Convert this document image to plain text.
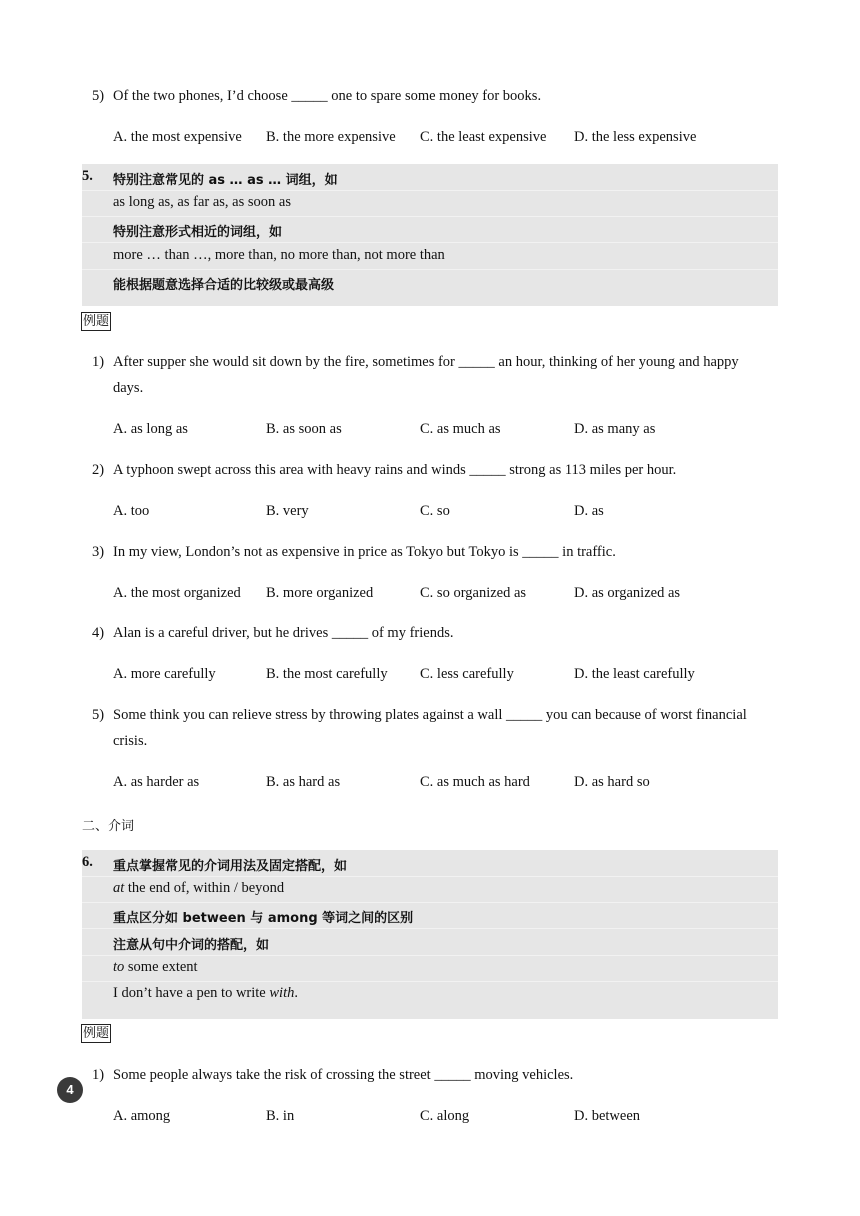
5) Of the two phones, I’d choose _____ one to spare some money for books.
A. the most expensive B. the more expensive C. the least expensive D. the less expensive
5. 特别注意常见的 as … as … 词组，如
as long as, as far as, as soon as
特别注意形式相近的词组，如
more … than …, more than, no more than, not more than
能根据题意选择合适的比较级或最高级
例题
1) After supper she would sit down by the fire, sometimes for _____ an hour, thinking of her young and happy
days.
A. as long as	B. as soon as	C. as much as	D. as many as
2) A typhoon swept across this area with heavy rains and winds _____ strong as 113 miles per hour.
A. too	B. very	C. so	D. as
3) In my view, London’s not as expensive in price as Tokyo but Tokyo is _____ in traffic.
A. the most organized B. more organized	C. so organized as	D. as organized as
4) Alan is a careful driver, but he drives _____ of my friends.
A. more carefully	B. the most carefully C. less carefully	D. the least carefully
5) Some think you can relieve stress by throwing plates against a wall _____ you can because of worst financial
crisis.
A. as harder as	B. as hard as	C. as much as hard	D. as hard so
二、介词
6. 重点掌握常见的介词用法及固定搭配，如
at the end of, within / beyond
重点区分如 between 与 among 等词之间的区别
注意从句中介词的搭配，如
to some extent
I don’t have a pen to write with.
例题
1) Some people always take the risk of crossing the street _____ moving vehicles.
A. among	B. in	C. along	D. between
4
